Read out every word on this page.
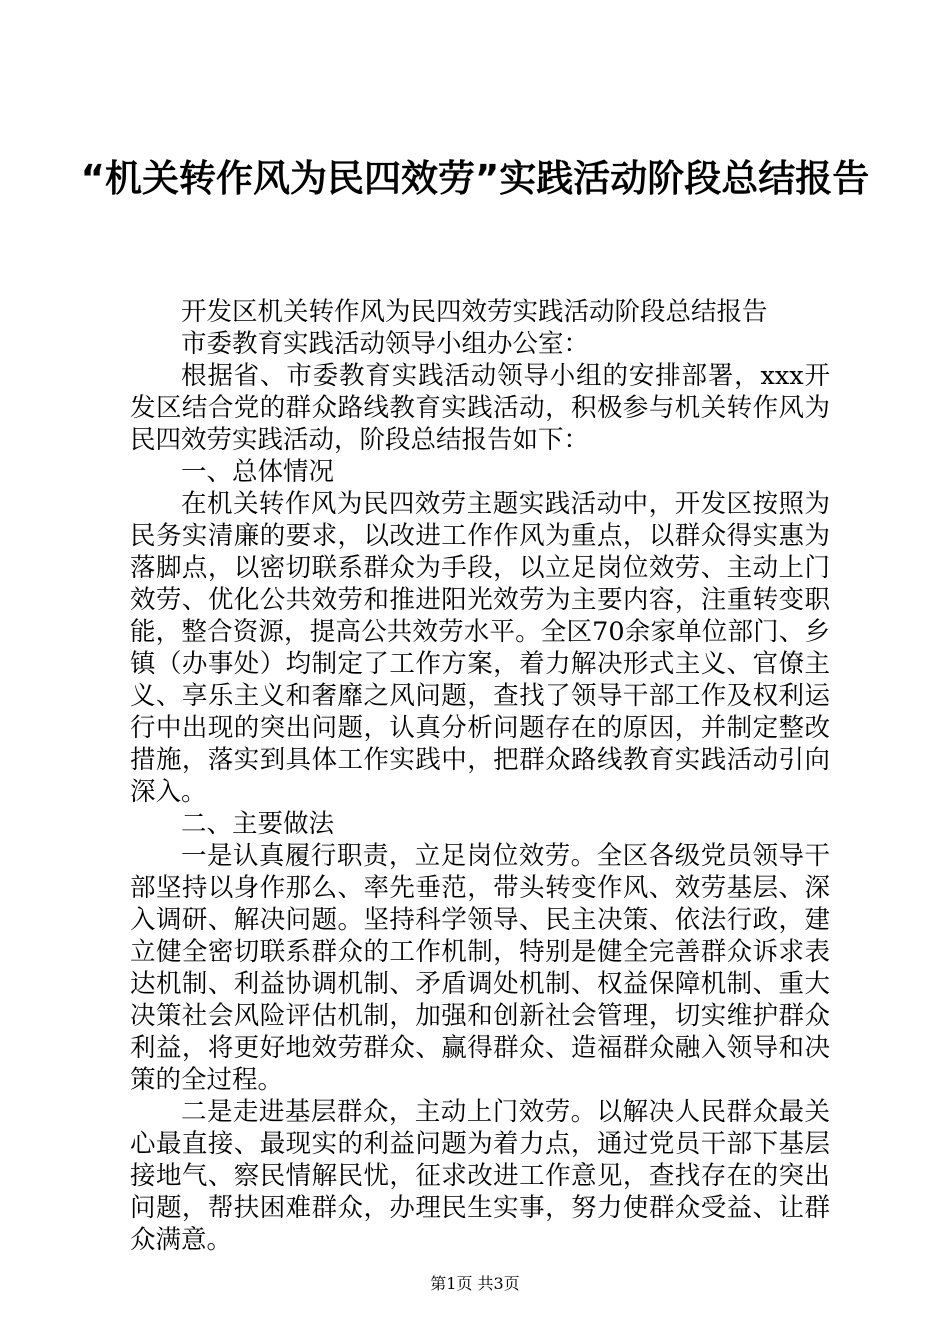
“机关转作风为民四效劳”实践活动阶段总结报告

开发区机关转作风为民四效劳实践活动阶段总结报告

市委教育实践活动领导小组办公室：

根据省、市委教育实践活动领导小组的安排部署，xxx开发区结合党的群众路线教育实践活动，积极参与机关转作风为民四效劳实践活动，阶段总结报告如下：

一、总体情况

在机关转作风为民四效劳主题实践活动中，开发区按照为民务实清廉的要求，以改进工作作风为重点，以群众得实惠为落脚点，以密切联系群众为手段，以立足岗位效劳、主动上门效劳、优化公共效劳和推进阳光效劳为主要内容，注重转变职能，整合资源，提高公共效劳水平。全区70余家单位部门、乡镇（办事处）均制定了工作方案，着力解决形式主义、官僚主义、享乐主义和奢靡之风问题，查找了领导干部工作及权利运行中出现的突出问题，认真分析问题存在的原因，并制定整改措施，落实到具体工作实践中，把群众路线教育实践活动引向深入。

二、主要做法

一是认真履行职责，立足岗位效劳。全区各级党员领导干部坚持以身作那么、率先垂范，带头转变作风、效劳基层、深入调研、解决问题。坚持科学领导、民主决策、依法行政，建立健全密切联系群众的工作机制，特别是健全完善群众诉求表达机制、利益协调机制、矛盾调处机制、权益保障机制、重大决策社会风险评估机制，加强和创新社会管理，切实维护群众利益，将更好地效劳群众、赢得群众、造福群众融入领导和决策的全过程。

二是走进基层群众，主动上门效劳。以解决人民群众最关心最直接、最现实的利益问题为着力点，通过党员干部下基层接地气、察民情解民忧，征求改进工作意见，查找存在的突出问题，帮扶困难群众，办理民生实事，努力使群众受益、让群众满意。

第1页 共3页
